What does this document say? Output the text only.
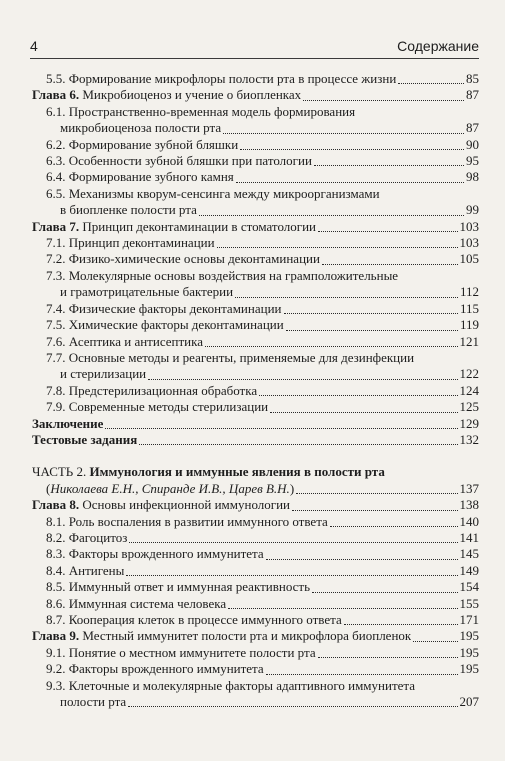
4	Содержание
5.5. Формирование микрофлоры полости рта в процессе жизни	85
Глава 6. Микробиоценоз и учение о биопленках	87
6.1. Пространственно-временная модель формирования
микробиоценоза полости рта	87
6.2. Формирование зубной бляшки	90
6.3. Особенности зубной бляшки при патологии	95
6.4. Формирование зубного камня	98
6.5. Механизмы кворум-сенсинга между микроорганизмами
в биопленке полости рта	99
Глава 7. Принцип деконтаминации в стоматологии	103
7.1. Принцип деконтаминации	103
7.2. Физико-химические основы деконтаминации	105
7.3. Молекулярные основы воздействия на грамположительные
и грамотрицательные бактерии	112
7.4. Физические факторы деконтаминации	115
7.5. Химические факторы деконтаминации	119
7.6. Асептика и антисептика	121
7.7. Основные методы и реагенты, применяемые для дезинфекции
и стерилизации	122
7.8. Предстерилизационная обработка	124
7.9. Современные методы стерилизации	125
Заключение	129
Тестовые задания	132
ЧАСТЬ 2. Иммунология и иммунные явления в полости рта
(Николаева Е.Н., Спиранде И.В., Царев В.Н.)	137
Глава 8. Основы инфекционной иммунологии	138
8.1. Роль воспаления в развитии иммунного ответа	140
8.2. Фагоцитоз	141
8.3. Факторы врожденного иммунитета	145
8.4. Антигены	149
8.5. Иммунный ответ и иммунная реактивность	154
8.6. Иммунная система человека	155
8.7. Кооперация клеток в процессе иммунного ответа	171
Глава 9. Местный иммунитет полости рта и микрофлора биопленок	195
9.1. Понятие о местном иммунитете полости рта	195
9.2. Факторы врожденного иммунитета	195
9.3. Клеточные и молекулярные факторы адаптивного иммунитета
полости рта	207
